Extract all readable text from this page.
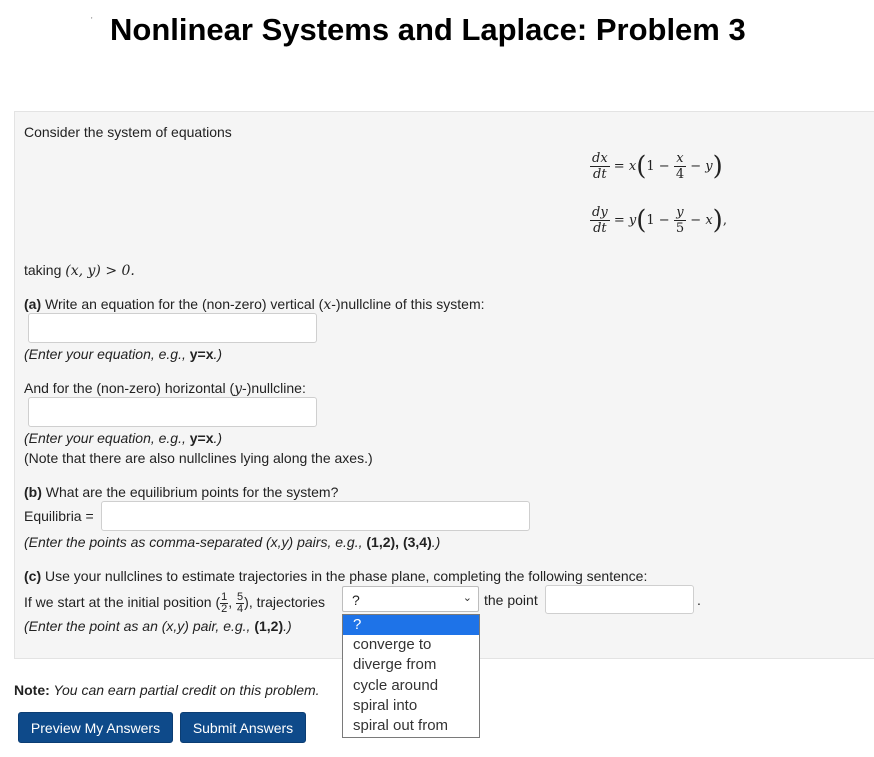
' Nonlinear Systems and Laplace: Problem 3
Consider the system of equations
$\frac{dx}{dt} = x(1 - \frac{x}{4} - y)$
$\frac{dy}{dt} = y(1 - \frac{y}{5} - x)$,
taking (x, y) > 0.
(a) Write an equation for the (non-zero) vertical (x-)nullcline of this system:
(Enter your equation, e.g., y=x.)
And for the (non-zero) horizontal (y-)nullcline:
(Enter your equation, e.g., y=x.)
(Note that there are also nullclines lying along the axes.)
(b) What are the equilibrium points for the system?
Equilibria =
(Enter the points as comma-separated (x,y) pairs, e.g., (1,2), (3,4).)
(c) Use your nullclines to estimate trajectories in the phase plane, completing the following sentence:
If we start at the initial position ( $\frac{1}{2}$ , $\frac{5}{4}$ ), trajectories	?	⌄ the point	.
(Enter the point as an (x,y) pair, e.g., (1,2).)
Note: You can earn partial credit on this problem.
Preview My Answers	Submit Answers
?
converge to
diverge from
cycle around
spiral into
spiral out from
